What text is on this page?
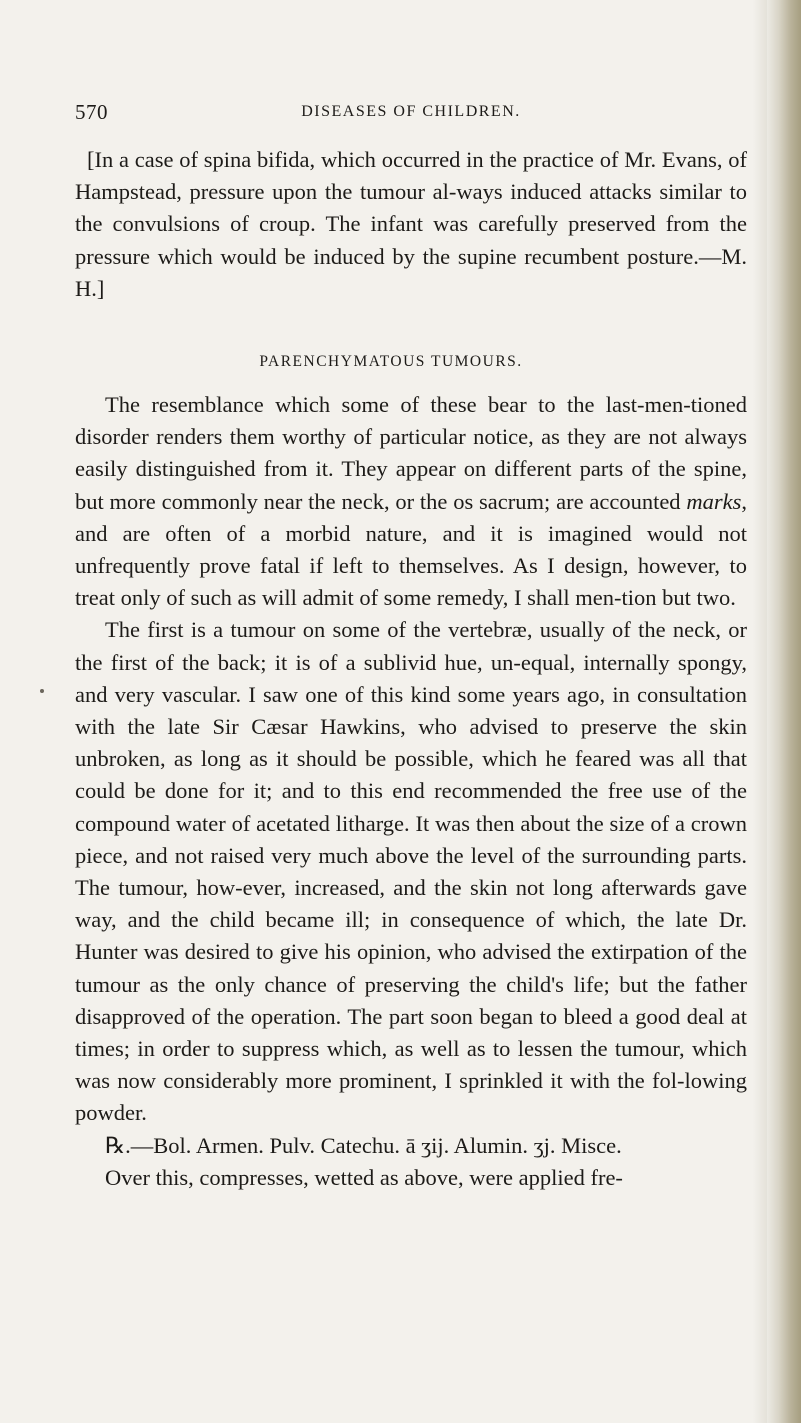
570	DISEASES OF CHILDREN.

[In a case of spina bifida, which occurred in the practice of Mr. Evans, of Hampstead, pressure upon the tumour al-ways induced attacks similar to the convulsions of croup. The infant was carefully preserved from the pressure which would be induced by the supine recumbent posture.—M. H.]

PARENCHYMATOUS TUMOURS.

The resemblance which some of these bear to the last-men-tioned disorder renders them worthy of particular notice, as they are not always easily distinguished from it. They appear on different parts of the spine, but more commonly near the neck, or the os sacrum; are accounted marks, and are often of a morbid nature, and it is imagined would not unfrequently prove fatal if left to themselves. As I design, however, to treat only of such as will admit of some remedy, I shall men-tion but two.

The first is a tumour on some of the vertebræ, usually of the neck, or the first of the back; it is of a sublivid hue, un-equal, internally spongy, and very vascular. I saw one of this kind some years ago, in consultation with the late Sir Cæsar Hawkins, who advised to preserve the skin unbroken, as long as it should be possible, which he feared was all that could be done for it; and to this end recommended the free use of the compound water of acetated litharge. It was then about the size of a crown piece, and not raised very much above the level of the surrounding parts. The tumour, how-ever, increased, and the skin not long afterwards gave way, and the child became ill; in consequence of which, the late Dr. Hunter was desired to give his opinion, who advised the extirpation of the tumour as the only chance of preserving the child's life; but the father disapproved of the operation. The part soon began to bleed a good deal at times; in order to suppress which, as well as to lessen the tumour, which was now considerably more prominent, I sprinkled it with the fol-lowing powder.

℞.—Bol. Armen. Pulv. Catechu. ā ʒij. Alumin. ʒj. Misce.

Over this, compresses, wetted as above, were applied fre-
